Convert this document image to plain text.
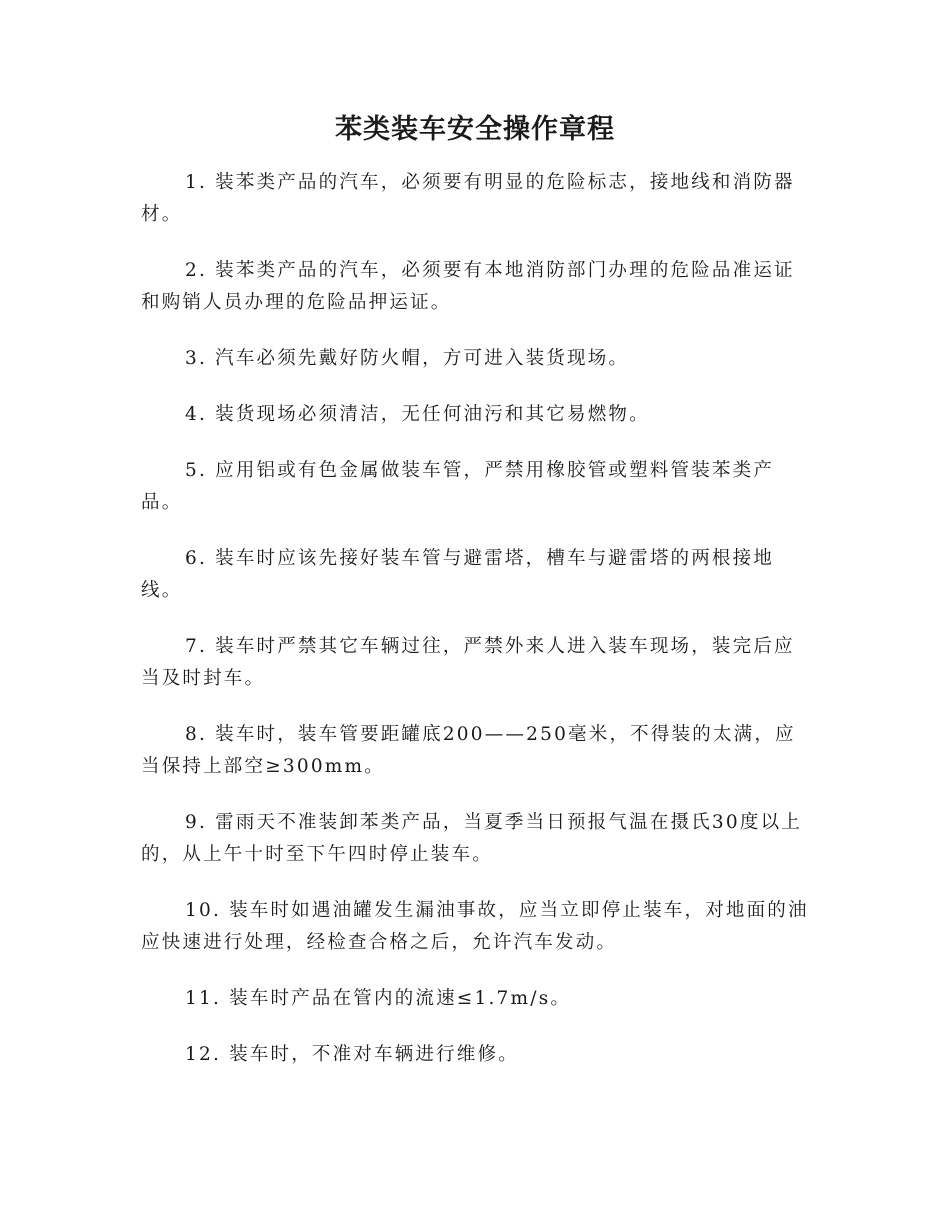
苯类装车安全操作章程

1. 装苯类产品的汽车，必须要有明显的危险标志，接地线和消防器材。

2. 装苯类产品的汽车，必须要有本地消防部门办理的危险品准运证和购销人员办理的危险品押运证。

3. 汽车必须先戴好防火帽，方可进入装货现场。

4. 装货现场必须清洁，无任何油污和其它易燃物。

5. 应用铝或有色金属做装车管，严禁用橡胶管或塑料管装苯类产品。

6. 装车时应该先接好装车管与避雷塔，槽车与避雷塔的两根接地线。

7. 装车时严禁其它车辆过往，严禁外来人进入装车现场，装完后应当及时封车。

8. 装车时，装车管要距罐底200——250毫米，不得装的太满，应当保持上部空≥300mm。

9. 雷雨天不准装卸苯类产品，当夏季当日预报气温在摄氏30度以上的，从上午十时至下午四时停止装车。

10. 装车时如遇油罐发生漏油事故，应当立即停止装车，对地面的油应快速进行处理，经检查合格之后，允许汽车发动。

11. 装车时产品在管内的流速≤1.7m/s。

12. 装车时，不准对车辆进行维修。
